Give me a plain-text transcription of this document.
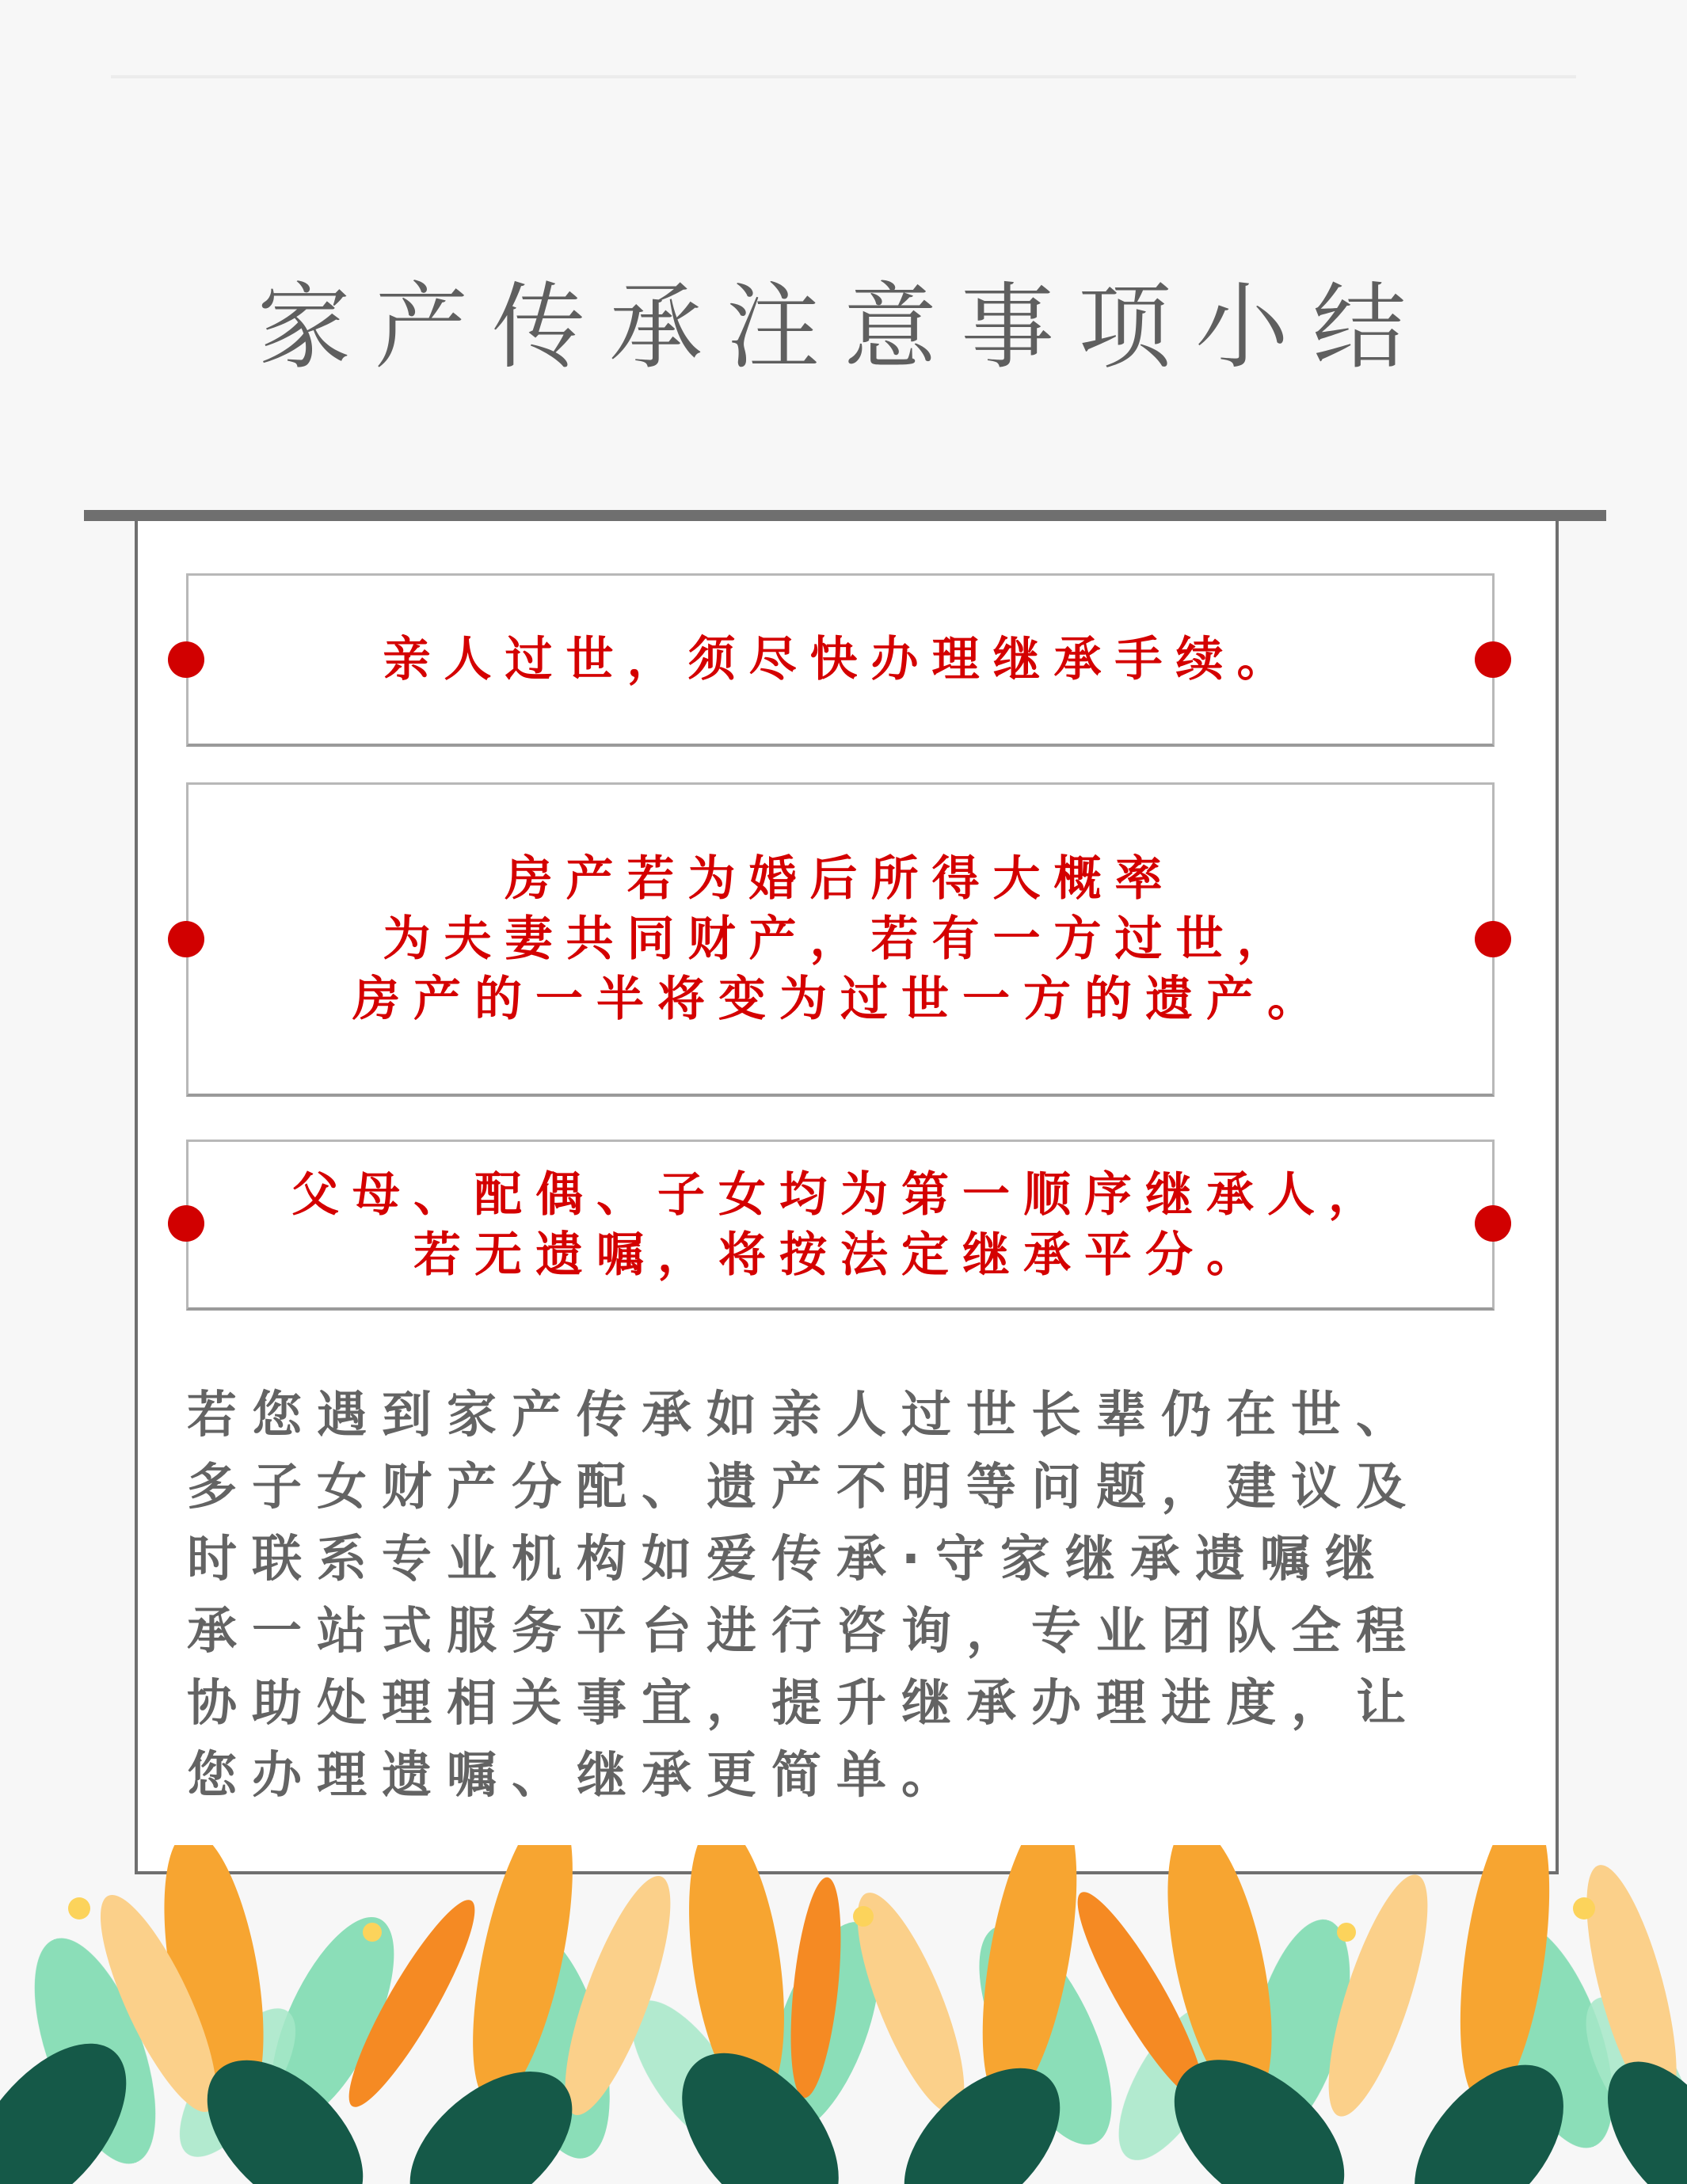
家产传承注意事项小结
亲人过世，须尽快办理继承手续。
房产若为婚后所得大概率
为夫妻共同财产，若有一方过世，
房产的一半将变为过世一方的遗产。
父母、配偶、子女均为第一顺序继承人，
若无遗嘱，将按法定继承平分。
若您遇到家产传承如亲人过世长辈仍在世、
多子女财产分配、遗产不明等问题，建议及
时联系专业机构如爱传承·守家继承遗嘱继
承一站式服务平台进行咨询，专业团队全程
协助处理相关事宜，提升继承办理进度，让
您办理遗嘱、继承更简单。
